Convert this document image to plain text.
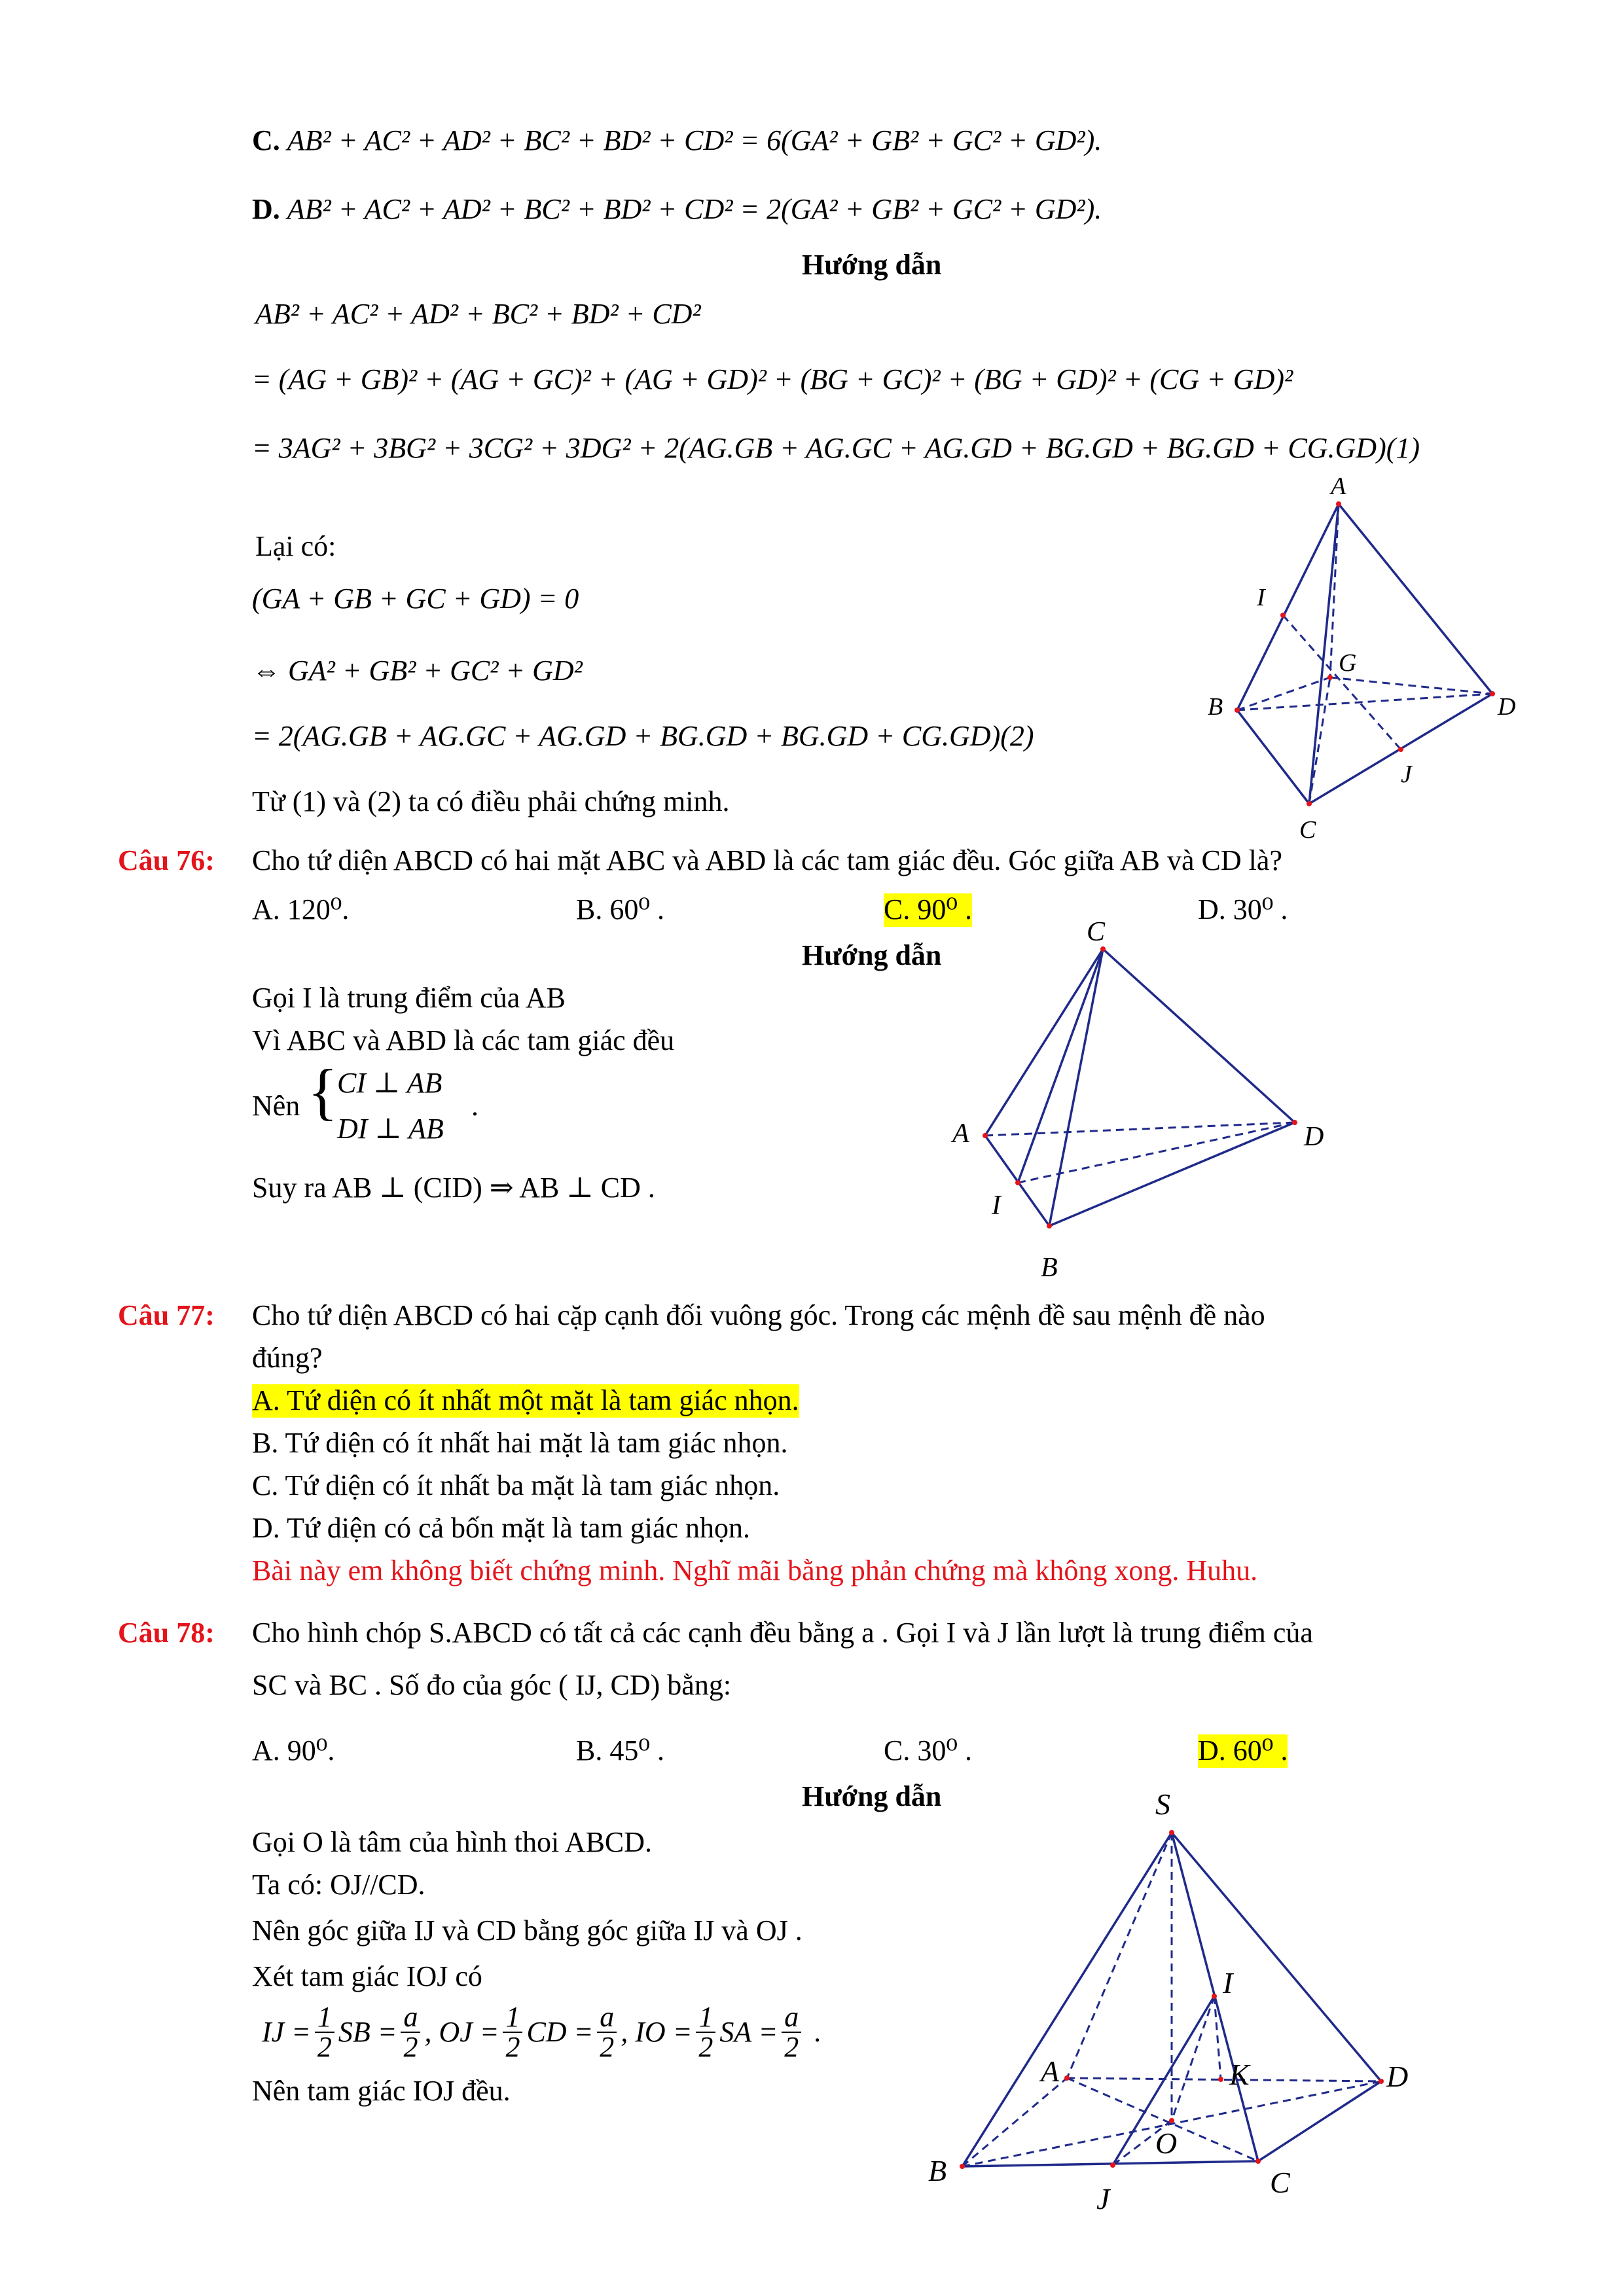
C. AB² + AC² + AD² + BC² + BD² + CD² = 6(GA² + GB² + GC² + GD²).
D. AB² + AC² + AD² + BC² + BD² + CD² = 2(GA² + GB² + GC² + GD²).
Hướng dẫn
AB² + AC² + AD² + BC² + BD² + CD²
= (AG + GB)² + (AG + GC)² + (AG + GD)² + (BG + GC)² + (BG + GD)² + (CG + GD)²
= 3AG² + 3BG² + 3CG² + 3DG² + 2(AG.GB + AG.GC + AG.GD + BG.GD + BG.GD + CG.GD)(1)
Lại có:
(GA + GB + GC + GD) = 0
⇔ GA² + GB² + GC² + GD²
= 2(AG.GB + AG.GC + AG.GD + BG.GD + BG.GD + CG.GD)(2)
Từ (1) và (2) ta có điều phải chứng minh.
A
I
G
B	D
J
C
Câu 76: Cho tứ diện ABCD có hai mặt ABC và ABD là các tam giác đều. Góc giữa AB và CD là?
A. 120⁰.	B. 60⁰ .	C. 90⁰ .	D. 30⁰ .
Hướng dẫn
Gọi I là trung điểm của AB
Vì ABC và ABD là các tam giác đều
Nên {
CI ⊥ AB
DI ⊥ AB
.
Suy ra AB ⊥ (CID) ⇒ AB ⊥ CD .
C
A	D
I
B
Câu 77: Cho tứ diện ABCD có hai cặp cạnh đối vuông góc. Trong các mệnh đề sau mệnh đề nào
đúng?
A. Tứ diện có ít nhất một mặt là tam giác nhọn.
B. Tứ diện có ít nhất hai mặt là tam giác nhọn.
C. Tứ diện có ít nhất ba mặt là tam giác nhọn.
D. Tứ diện có cả bốn mặt là tam giác nhọn.
Bài này em không biết chứng minh. Nghĩ mãi bằng phản chứng mà không xong. Huhu.
Câu 78: Cho hình chóp S.ABCD có tất cả các cạnh đều bằng a . Gọi I và J lần lượt là trung điểm của
SC và BC . Số đo của góc ( IJ, CD) bằng:
A. 90⁰.	B. 45⁰ .	C. 30⁰ .	D. 60⁰ .
Hướng dẫn
Gọi O là tâm của hình thoi ABCD.
Ta có: OJ//CD.
Nên góc giữa IJ và CD bằng góc giữa IJ và OJ .
Xét tam giác IOJ có
IJ = $\frac{1}{2}$ SB = $\frac{a}{2}$ , OJ = $\frac{1}{2}$ CD = $\frac{a}{2}$ , IO = $\frac{1}{2}$ SA = $\frac{a}{2}$ .
Nên tam giác IOJ đều.
S
I
A	K	D
O
B	C
J
